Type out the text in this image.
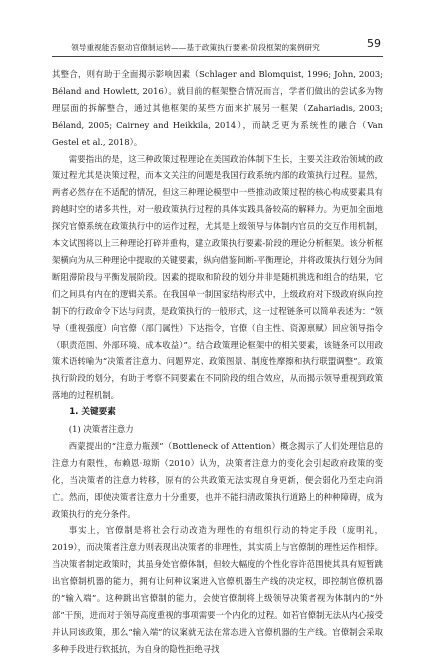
领导重视能否驱动官僚制运转——基于政策执行要素-阶段框架的案例研究	59

其整合，则有助于全面揭示影响因素（Schlager and Blomquist, 1996; John, 2003; Béland and Howlett, 2016）。就目前的框架整合情况而言，学者们做出的尝试多为物理层面的拆解整合，通过其他框架的某些方面来扩展另一框架（Zahariadis, 2003; Béland, 2005; Cairney and Heikkila, 2014），而缺乏更为系统性的融合（Van Gestel et al., 2018）。

需要指出的是，这三种政策过程理论在美国政治体制下生长，主要关注政治领域的政策过程尤其是决策过程，而本文关注的问题是我国行政系统内部的政策执行过程。显然，两者必然存在不适配的情况，但这三种理论模型中一些推动政策过程的核心构成要素具有跨越时空的诸多共性，对一般政策执行过程的具体实践具备较高的解释力。为更加全面地探究官僚系统在政策执行中的运作过程，尤其是上级领导与体制内官员的交互作用机制，本文试图将以上三种理论打碎并重构，建立政策执行要素-阶段的理论分析框架。该分析框架横向为从三种理论中提取的关键要素，纵向借鉴间断-平衡理论，并将政策执行划分为间断阻滞阶段与平衡发展阶段。因素的提取和阶段的划分并非是随机挑选和组合的结果，它们之间具有内在的逻辑关系。在我国单一制国家结构形式中，上级政府对下级政府纵向控制下的行政命令下达与问责，是政策执行的一般形式，这一过程链条可以简单表述为：“领导（重视强度）向官僚（部门属性）下达指令，官僚（自主性、资源禀赋）回应领导指令（职责范围、外部环境、成本收益）”。结合政策理论框架中的相关要素，该链条可以用政策术语转喻为“决策者注意力、问题界定、政策图景、制度性摩擦和执行联盟调整”。政策执行阶段的划分，有助于考察不同要素在不同阶段的组合效应，从而揭示领导重视到政策落地的过程机制。

1. 关键要素

(1) 决策者注意力

西蒙提出的“注意力瓶颈”（Bottleneck of Attention）概念揭示了人们处理信息的注意力有限性，布赖恩·琼斯（2010）认为，决策者注意力的变化会引起政府政策的变化，当决策者的注意力转移，原有的公共政策无法实现自身更新，便会弱化乃至走向消亡。然而，即使决策者注意力十分重要，也并不能扫清政策执行道路上的种种障碍，成为政策执行的充分条件。

事实上，官僚制是将社会行动改造为理性的有组织行动的特定手段（庞明礼，2019），而决策者注意力则表现出决策者的非理性，其实质上与官僚制的理性运作相悖。当决策者制定政策时，其虽身处官僚体制，但较大幅度的个性化容许范围使其具有短暂跳出官僚制机器的能力，拥有让何种议案进入官僚机器生产线的决定权，即控制官僚机器的“输入端”。这种跳出官僚制的能力，会使官僚制将上级领导决策者视为体制内的“外部”干预，进而对于领导高度重视的事项需要一个内化的过程。如若官僚制无法从内心接受并认同该政策，那么“输入端”的议案就无法在常态进入官僚机器的生产线。官僚制会采取多种手段进行软抵抗，为自身的隐性拒绝寻找
